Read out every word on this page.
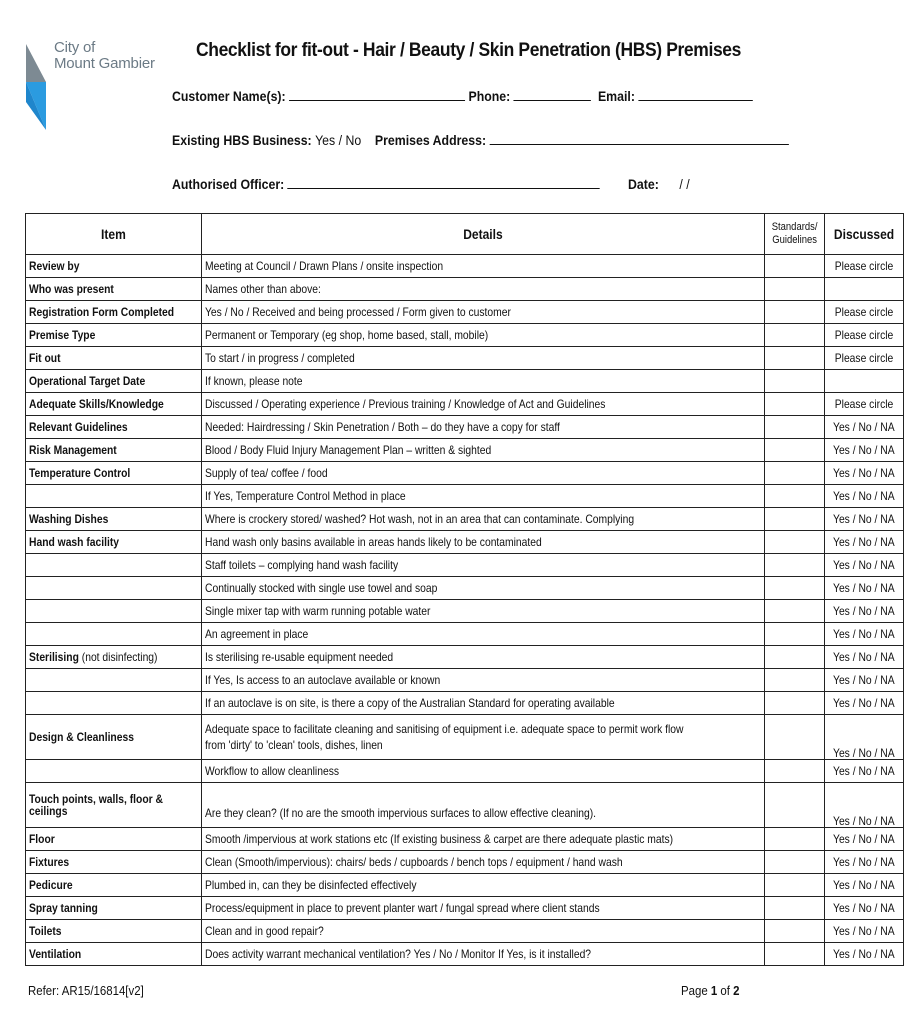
City of
Mount Gambier
Checklist for fit-out - Hair / Beauty / Skin Penetration (HBS) Premises
Customer Name(s):	Phone:	Email:
Existing HBS Business: Yes / No Premises Address:
Authorised Officer:	Date: / /
Item	Details	Standards/ Guidelines	Discussed
Review by	Meeting at Council / Drawn Plans / onsite inspection		Please circle
Who was present	Names other than above:		
Registration Form Completed	Yes / No / Received and being processed / Form given to customer		Please circle
Premise Type	Permanent or Temporary (eg shop, home based, stall, mobile)		Please circle
Fit out	To start / in progress / completed		Please circle
Operational Target Date	If known, please note		
Adequate Skills/Knowledge	Discussed / Operating experience / Previous training / Knowledge of Act and Guidelines		Please circle
Relevant Guidelines	Needed: Hairdressing / Skin Penetration / Both – do they have a copy for staff		Yes / No / NA
Risk Management	Blood / Body Fluid Injury Management Plan – written & sighted		Yes / No / NA
Temperature Control	Supply of tea/ coffee / food		Yes / No / NA
	If Yes, Temperature Control Method in place		Yes / No / NA
Washing Dishes	Where is crockery stored/ washed? Hot wash, not in an area that can contaminate. Complying		Yes / No / NA
Hand wash facility	Hand wash only basins available in areas hands likely to be contaminated		Yes / No / NA
	Staff toilets – complying hand wash facility		Yes / No / NA
	Continually stocked with single use towel and soap		Yes / No / NA
	Single mixer tap with warm running potable water		Yes / No / NA
	An agreement in place		Yes / No / NA
Sterilising (not disinfecting)	Is sterilising re-usable equipment needed		Yes / No / NA
	If Yes, Is access to an autoclave available or known		Yes / No / NA
	If an autoclave is on site, is there a copy of the Australian Standard for operating available		Yes / No / NA
Design & Cleanliness	Adequate space to facilitate cleaning and sanitising of equipment i.e. adequate space to permit work flow
from 'dirty' to 'clean' tools, dishes, linen		Yes / No / NA
	Workflow to allow cleanliness		Yes / No / NA
Touch points, walls, floor &
ceilings	Are they clean? (If no are the smooth impervious surfaces to allow effective cleaning).		Yes / No / NA
Floor	Smooth /impervious at work stations etc (If existing business & carpet are there adequate plastic mats)		Yes / No / NA
Fixtures	Clean (Smooth/impervious): chairs/ beds / cupboards / bench tops / equipment / hand wash		Yes / No / NA
Pedicure	Plumbed in, can they be disinfected effectively		Yes / No / NA
Spray tanning	Process/equipment in place to prevent planter wart / fungal spread where client stands		Yes / No / NA
Toilets	Clean and in good repair?		Yes / No / NA
Ventilation	Does activity warrant mechanical ventilation? Yes / No / Monitor If Yes, is it installed?		Yes / No / NA
Refer: AR15/16814[v2]	Page 1 of 2
